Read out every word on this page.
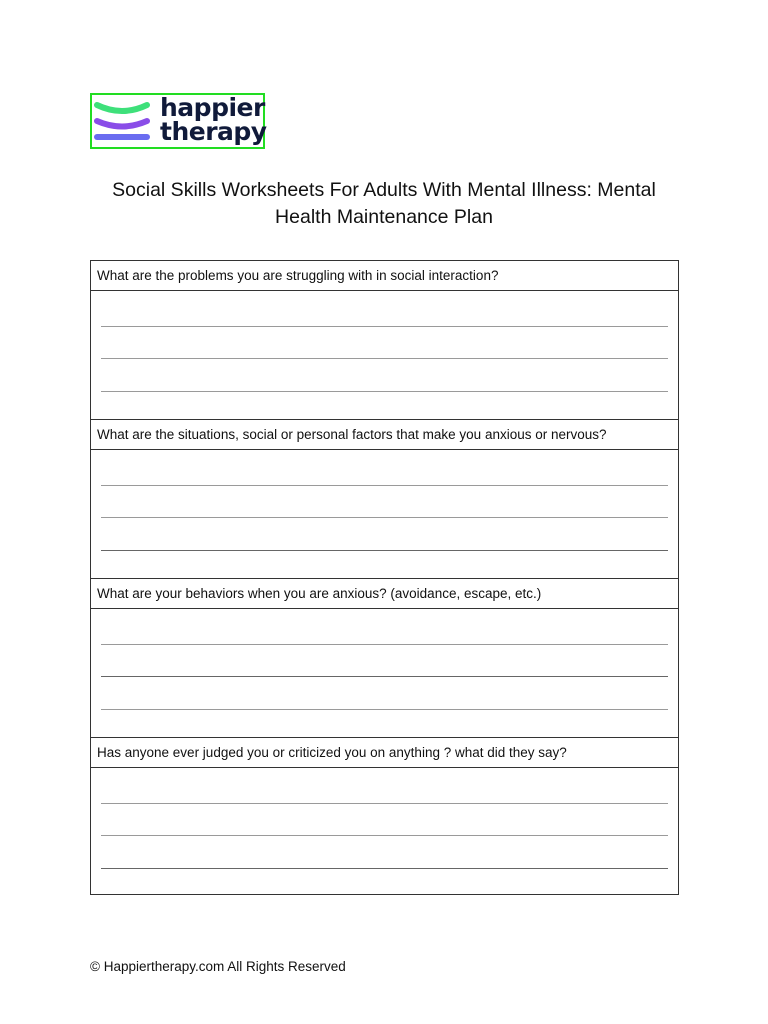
happier
therapy
Social Skills Worksheets For Adults With Mental Illness: Mental Health Maintenance Plan
What are the problems you are struggling with in social interaction?
What are the situations, social or personal factors that make you anxious or nervous?
What are your behaviors when you are anxious? (avoidance, escape, etc.)
Has anyone ever judged you or criticized you on anything ? what did they say?
© Happiertherapy.com All Rights Reserved
